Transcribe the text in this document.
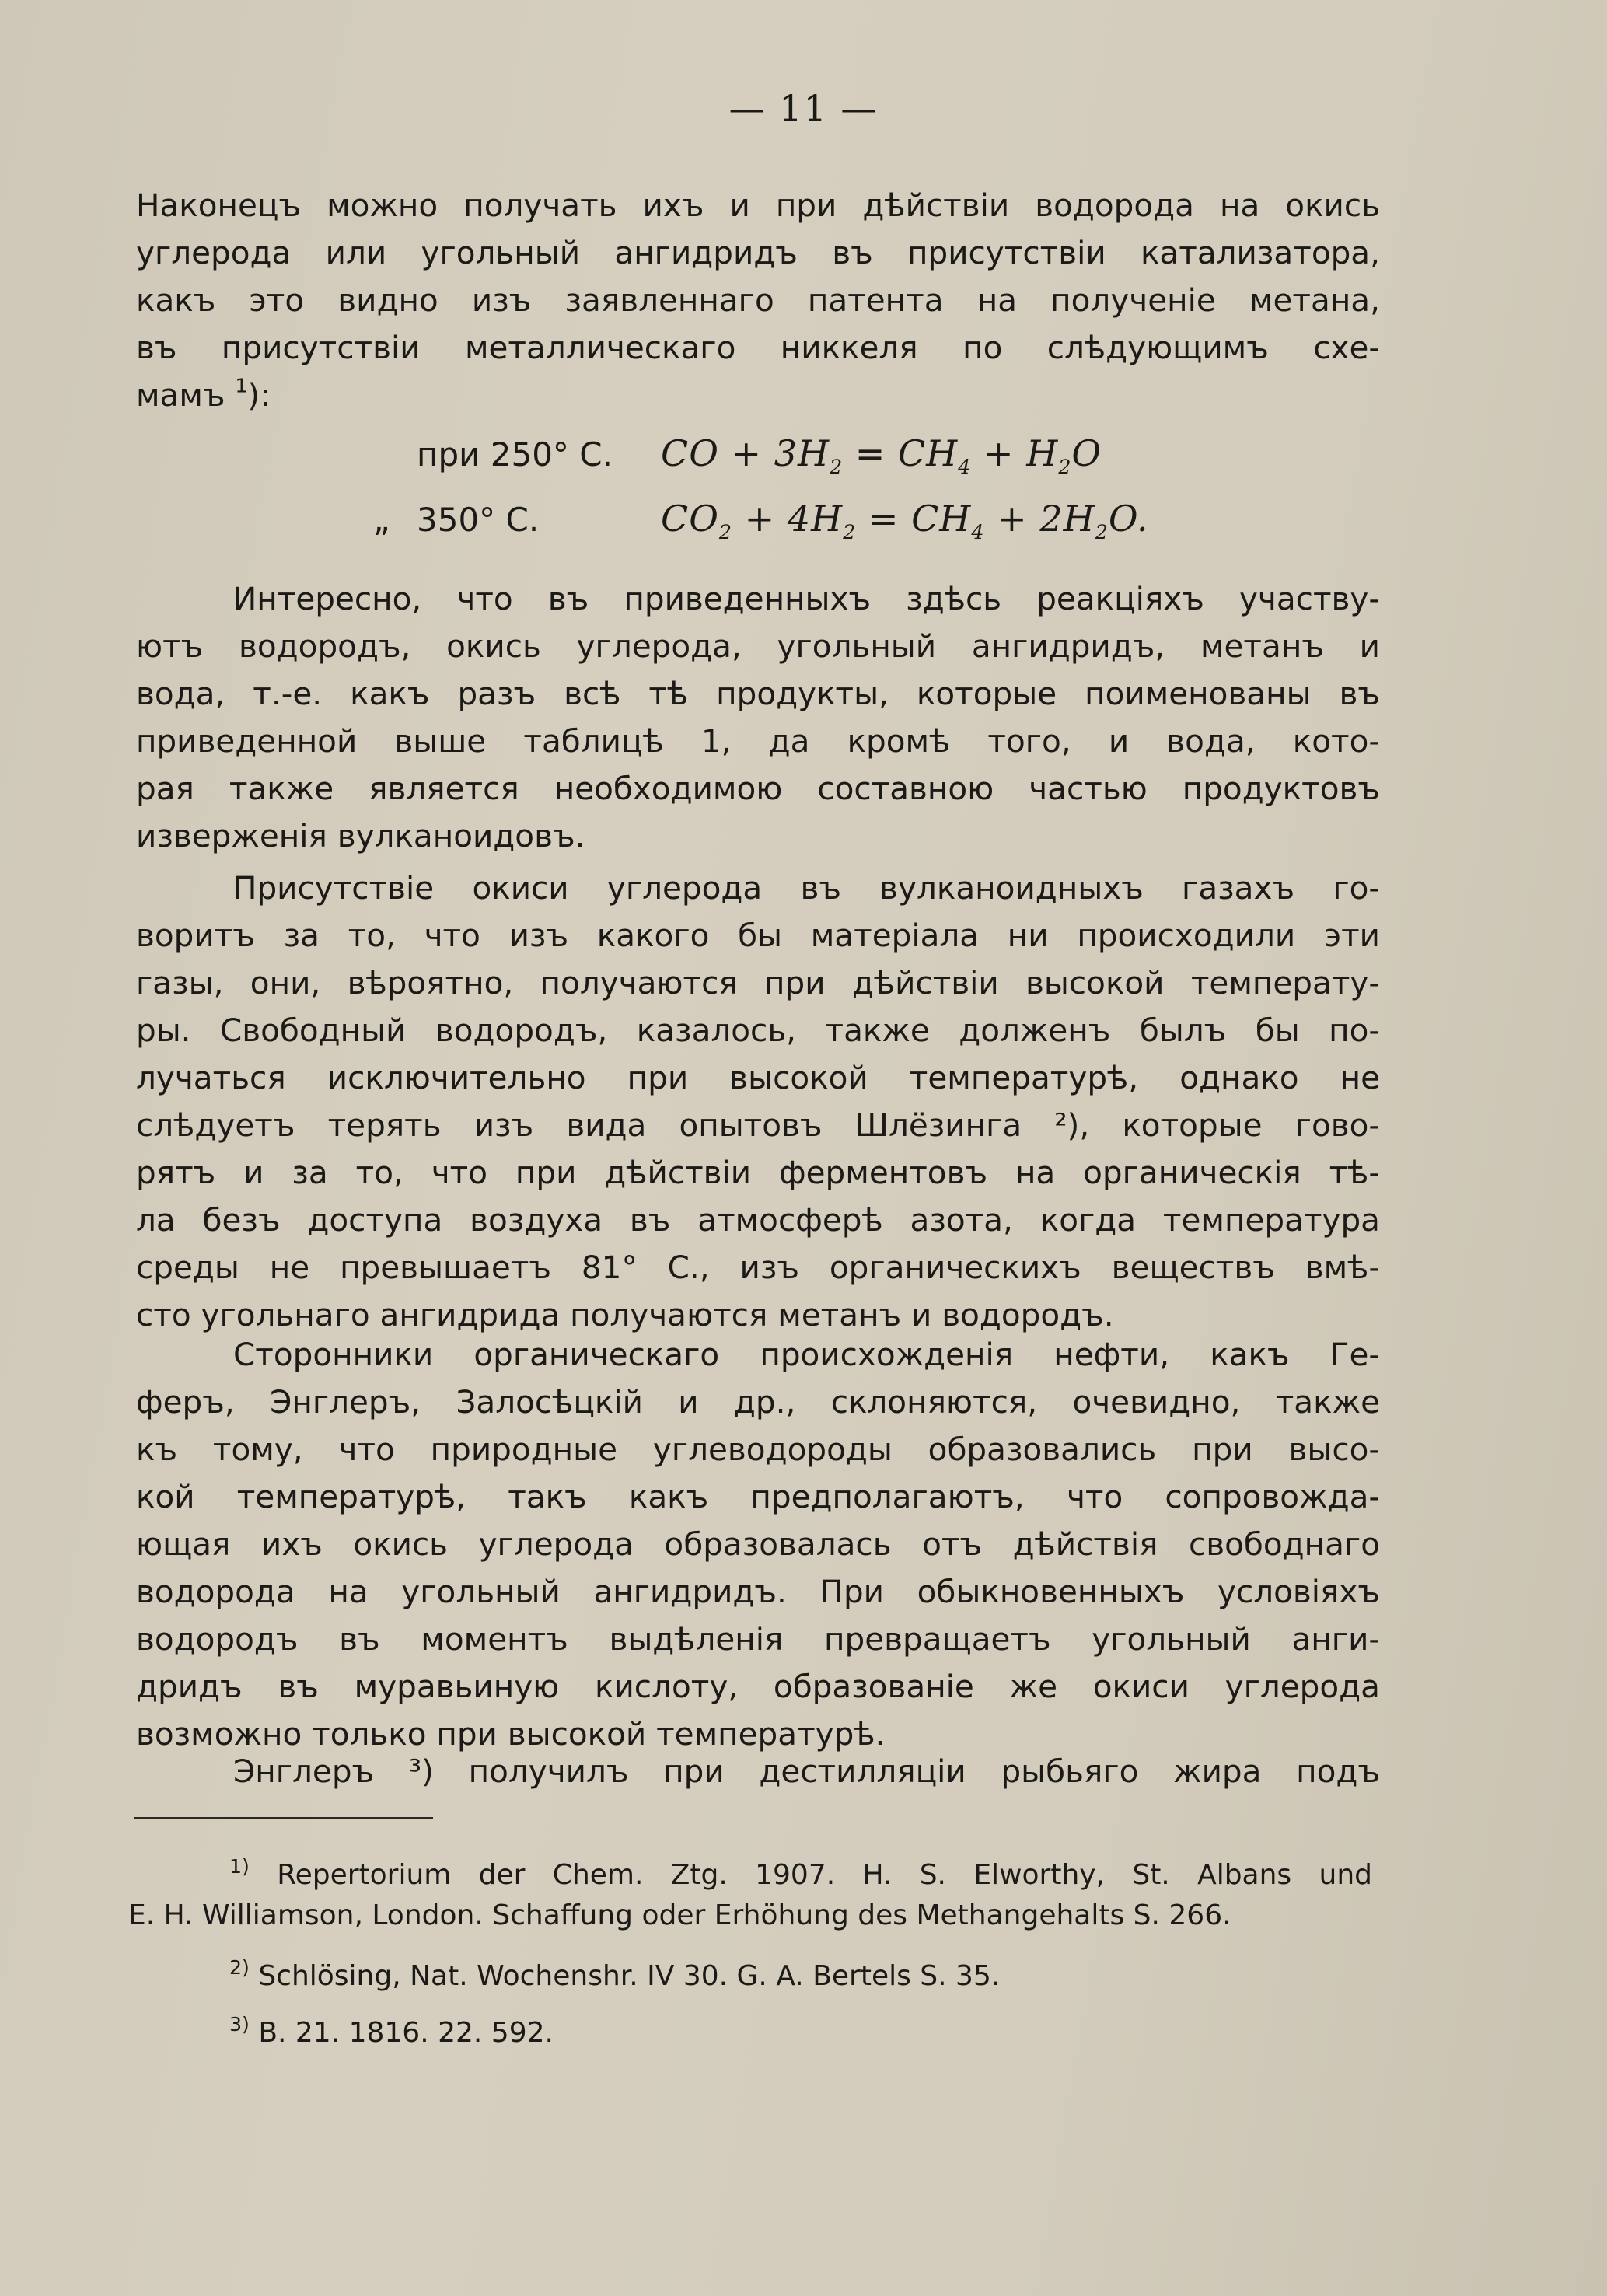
— 11 —
Наконецъ можно получать ихъ и при дѣйствіи водорода на окись
углерода или угольный ангидридъ въ присутствіи катализатора,
какъ это видно изъ заявленнаго патента на полученіе метана,
въ присутствіи металлическаго никкеля по слѣдующимъ схе-
мамъ $^1$):
при 250° С.	CO + $3H_2 = CH_4 + H_2O$
„ 350° С.	$CO_2 + 4H_2 = CH_4 + 2H_2O$.
Интересно, что въ приведенныхъ здѣсь реакціяхъ участву-
ютъ водородъ, окись углерода, угольный ангидридъ, метанъ и
вода, т.-е. какъ разъ всѣ тѣ продукты, которые поименованы въ
приведенной выше таблицѣ 1, да кромѣ того, и вода, кото-
рая также является необходимою составною частью продуктовъ
изверженія вулканоидовъ.
Присутствіе окиси углерода въ вулканоидныхъ газахъ го-
воритъ за то, что изъ какого бы матеріала ни происходили эти
газы, они, вѣроятно, получаются при дѣйствіи высокой температу-
ры. Свободный водородъ, казалось, также долженъ былъ бы по-
лучаться исключительно при высокой температурѣ, однако не
слѣдуетъ терять изъ вида опытовъ Шлёзинга ²), которые гово-
рятъ и за то, что при дѣйствіи ферментовъ на органическія тѣ-
ла безъ доступа воздуха въ атмосферѣ азота, когда температура
среды не превышаетъ 81° С., изъ органическихъ веществъ вмѣ-
сто угольнаго ангидрида получаются метанъ и водородъ.
Сторонники органическаго происхожденія нефти, какъ Ге-
феръ, Энглеръ, Залосѣцкій и др., склоняются, очевидно, также
къ тому, что природные углеводороды образовались при высо-
кой температурѣ, такъ какъ предполагаютъ, что сопровожда-
ющая ихъ окись углерода образовалась отъ дѣйствія свободнаго
водорода на угольный ангидридъ. При обыкновенныхъ условіяхъ
водородъ въ моментъ выдѣленія превращаетъ угольный анги-
дридъ въ муравьиную кислоту, образованіе же окиси углерода
возможно только при высокой температурѣ.
Энглеръ ³) получилъ при дестилляціи рыбьяго жира подъ
$^{1)}$ Repertorium der Chem. Ztg. 1907. H. S. Elworthy, St. Albans und
E. H. Williamson, London. Schaffung oder Erhöhung des Methangehalts S. 266.
$^{2)}$ Schlösing, Nat. Wochenshr. IV 30. G. A. Bertels S. 35.
$^{3)}$ B. 21. 1816. 22. 592.
